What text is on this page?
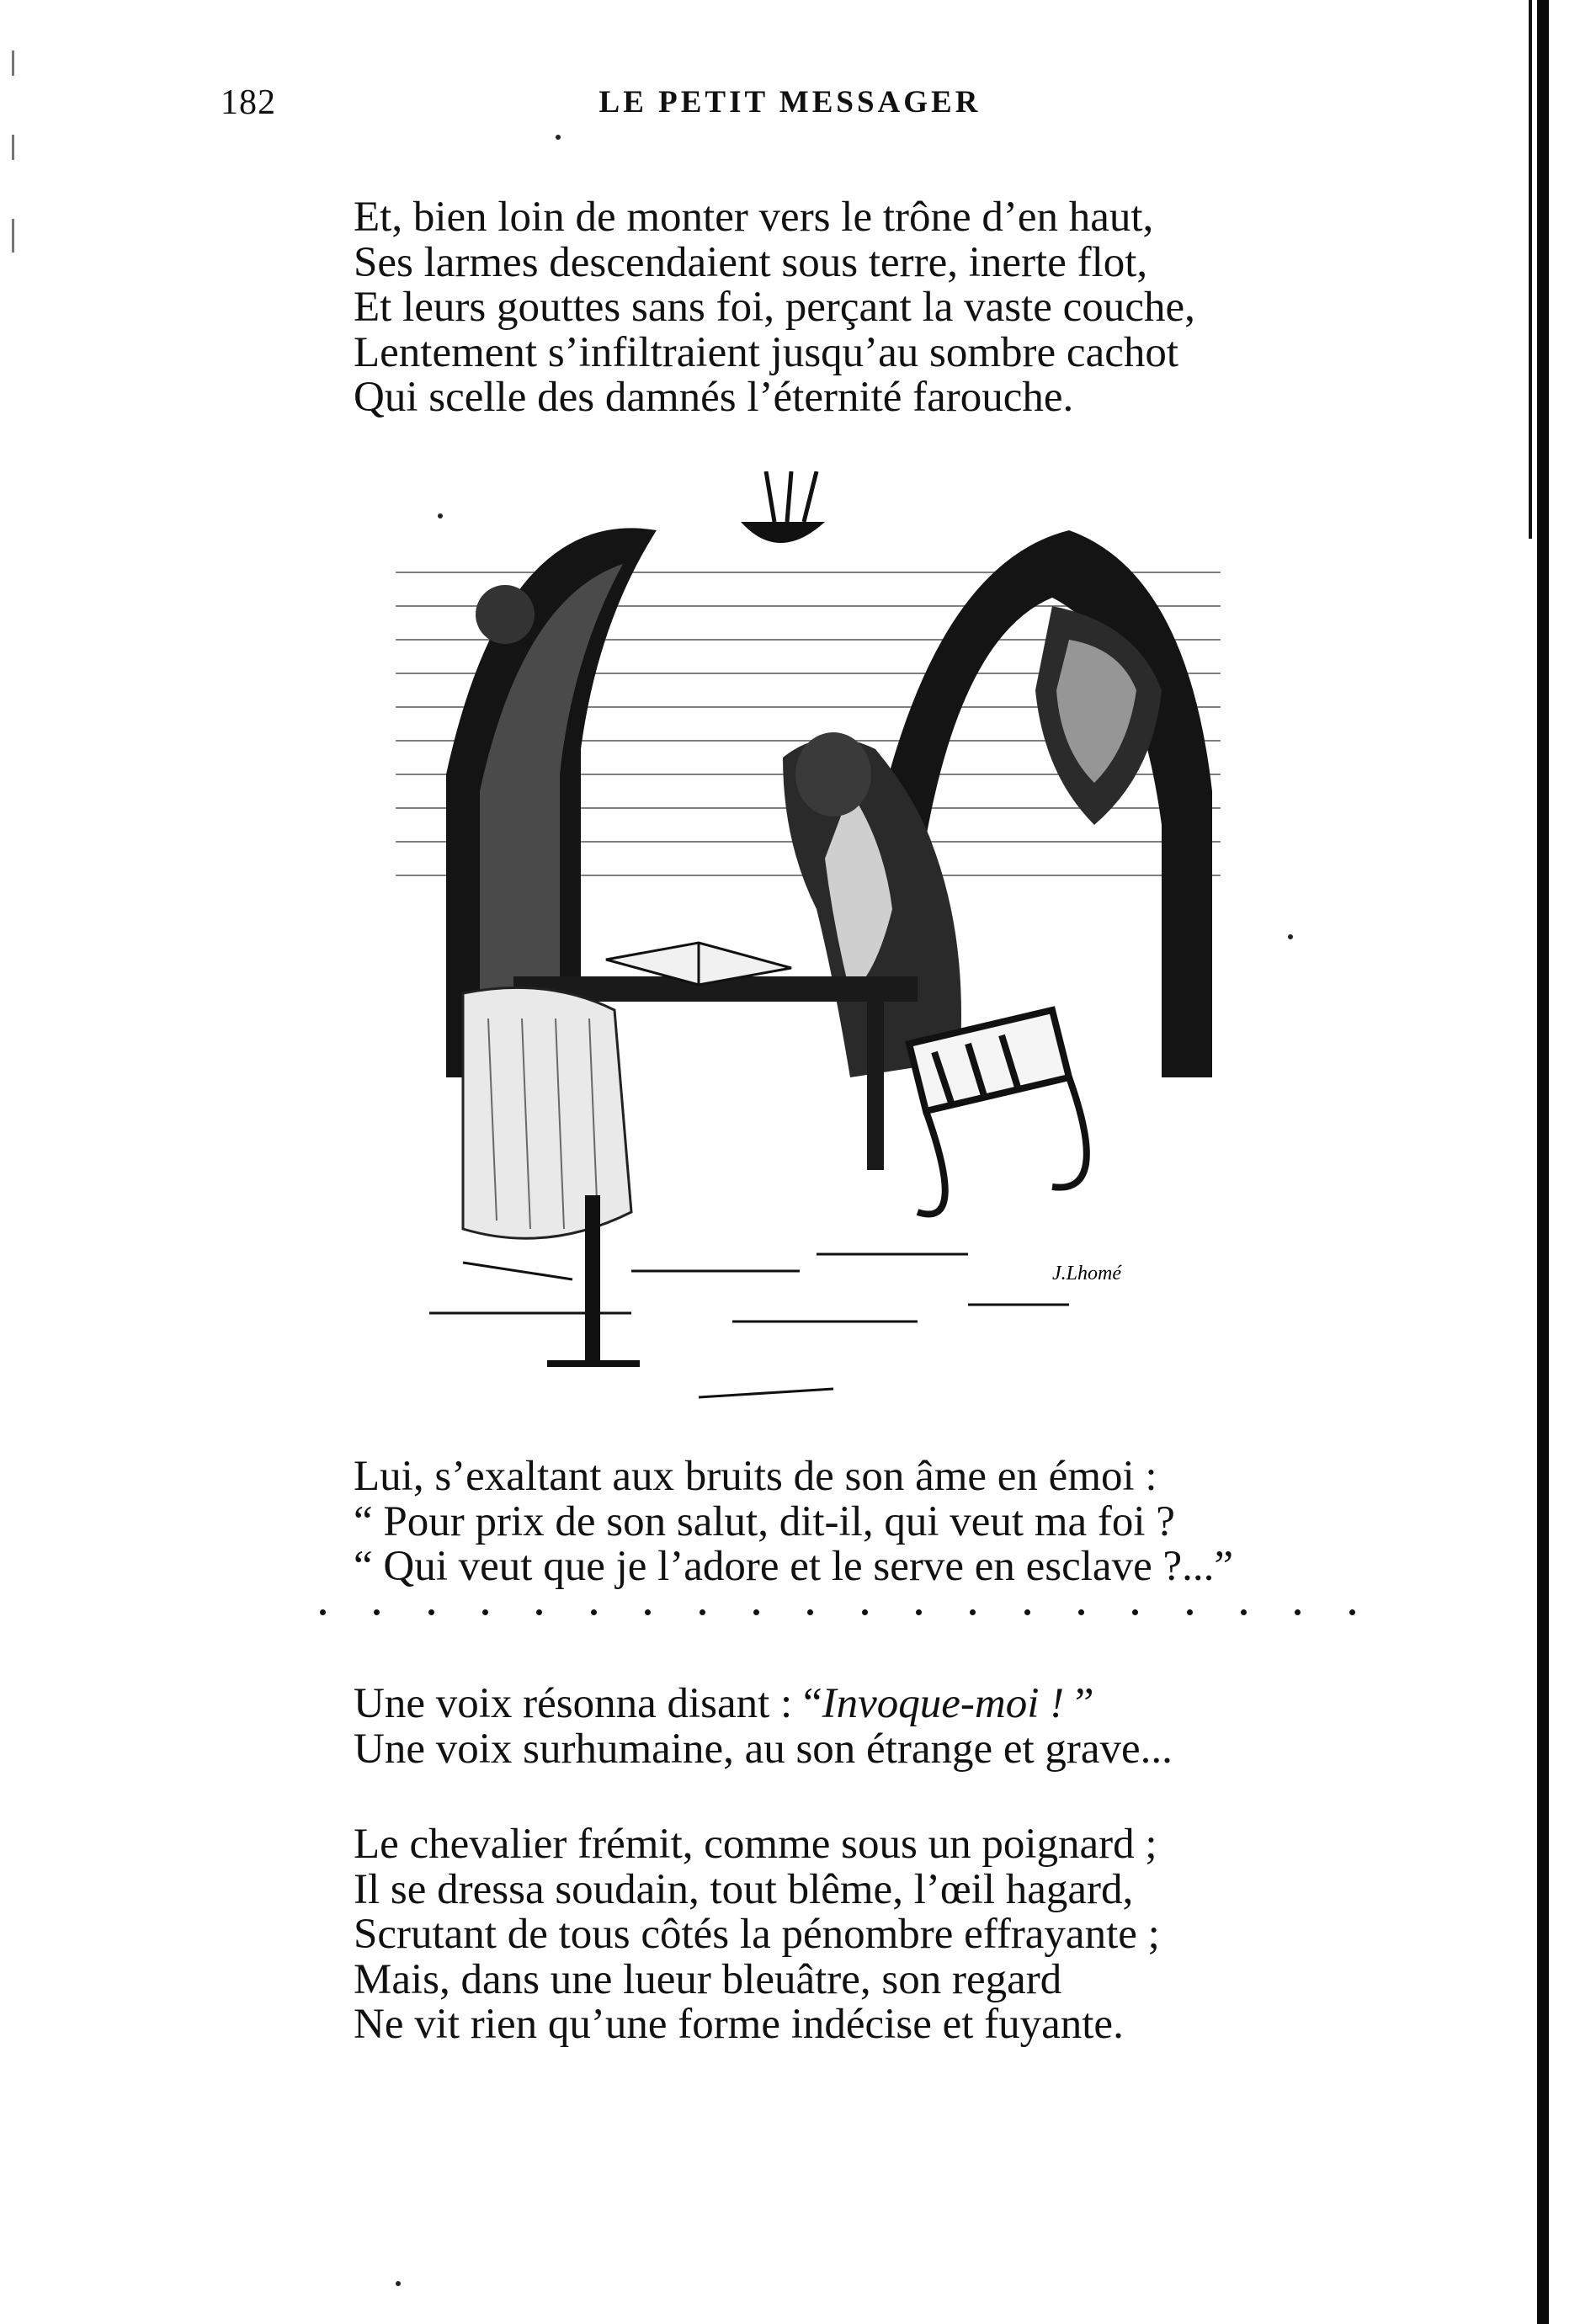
182	LE PETIT MESSAGER
Et, bien loin de monter vers le trône d’en haut,
Ses larmes descendaient sous terre, inerte flot,
Et leurs gouttes sans foi, perçant la vaste couche,
Lentement s’infiltraient jusqu’au sombre cachot
Qui scelle des damnés l’éternité farouche.
J.Lhomé
Lui, s’exaltant aux bruits de son âme en émoi :
“ Pour prix de son salut, dit-il, qui veut ma foi ?
“ Qui veut que je l’adore et le serve en esclave ?...”
Une voix résonna disant : “Invoque-moi ! ”
Une voix surhumaine, au son étrange et grave...
Le chevalier frémit, comme sous un poignard ;
Il se dressa soudain, tout blême, l’œil hagard,
Scrutant de tous côtés la pénombre effrayante ;
Mais, dans une lueur bleuâtre, son regard
Ne vit rien qu’une forme indécise et fuyante.
